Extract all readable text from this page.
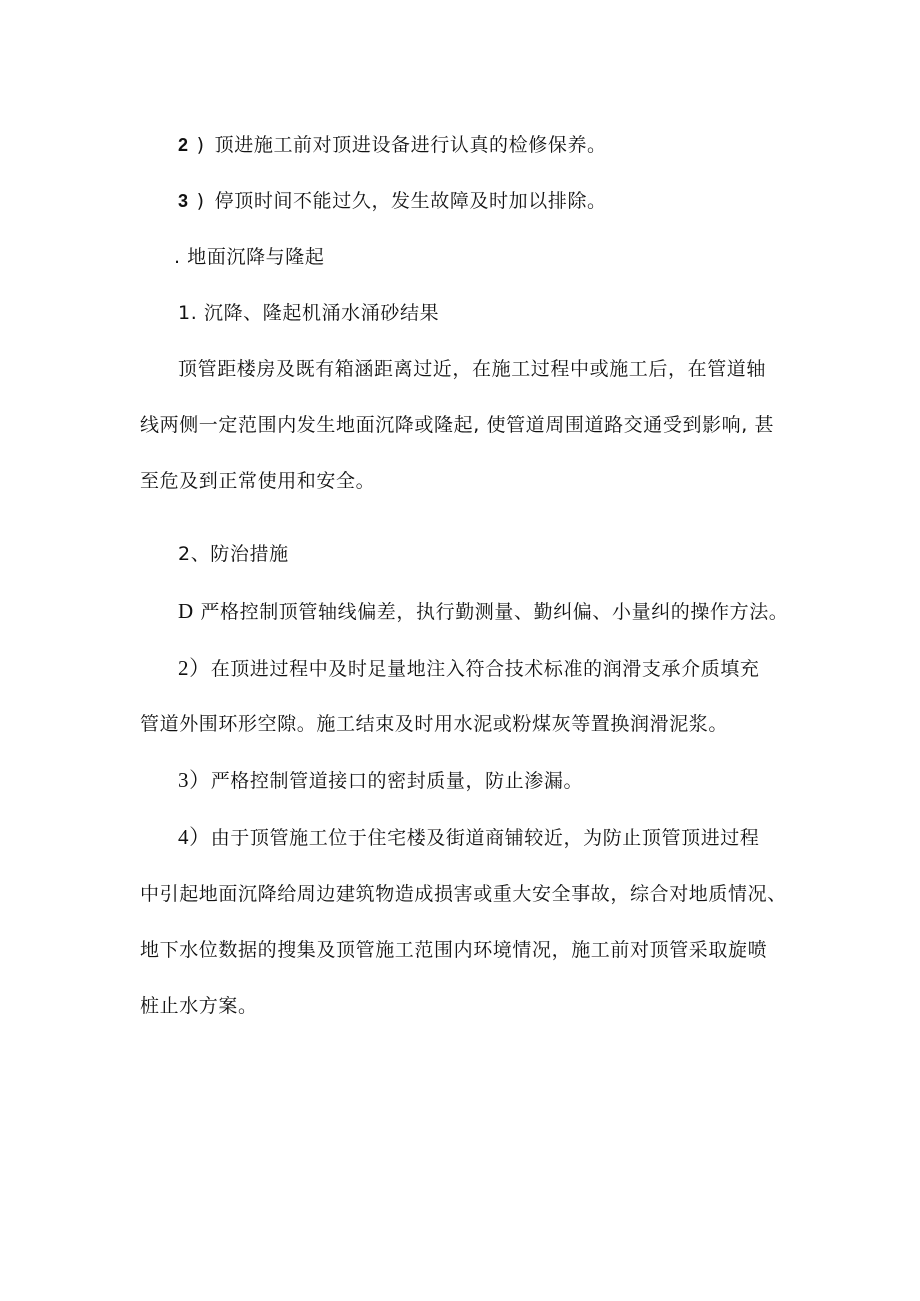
2 ) 顶进施工前对顶进设备进行认真的检修保养。
3 ) 停顶时间不能过久，发生故障及时加以排除。
. 地面沉降与隆起
1. 沉降、隆起机涌水涌砂结果
顶管距楼房及既有箱涵距离过近，在施工过程中或施工后，在管道轴
线两侧一定范围内发生地面沉降或隆起, 使管道周围道路交通受到影响, 甚
至危及到正常使用和安全。
2、防治措施
D 严格控制顶管轴线偏差，执行勤测量、勤纠偏、小量纠的操作方法。
2）在顶进过程中及时足量地注入符合技术标准的润滑支承介质填充
管道外围环形空隙。施工结束及时用水泥或粉煤灰等置换润滑泥浆。
3）严格控制管道接口的密封质量，防止渗漏。
4）由于顶管施工位于住宅楼及街道商铺较近，为防止顶管顶进过程
中引起地面沉降给周边建筑物造成损害或重大安全事故，综合对地质情况、
地下水位数据的搜集及顶管施工范围内环境情况，施工前对顶管采取旋喷
桩止水方案。
